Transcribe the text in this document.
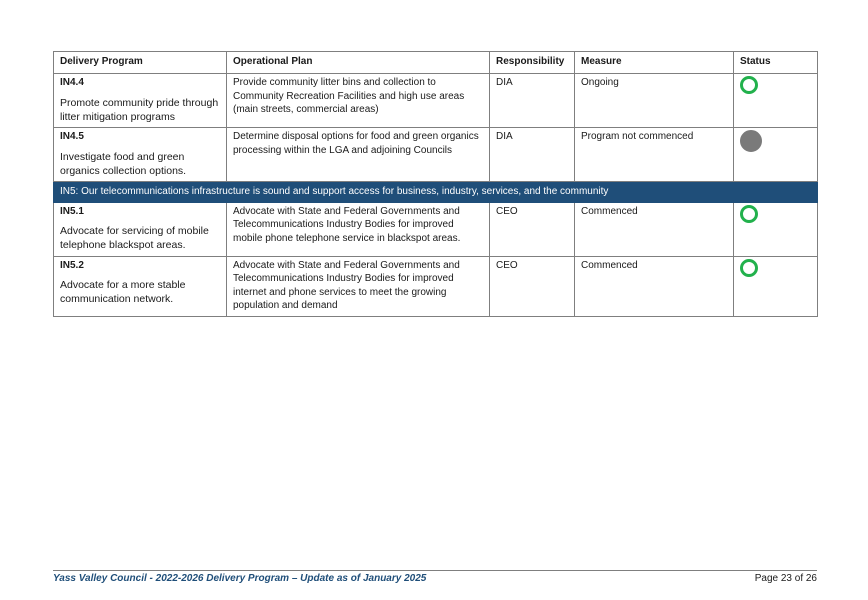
Delivery Program	Operational Plan	Responsibility	Measure	Status

IN4.4
Promote community pride through litter mitigation programs	Provide community litter bins and collection to Community Recreation Facilities and high use areas (main streets, commercial areas)	DIA	Ongoing	

IN4.5
Investigate food and green organics collection options.	Determine disposal options for food and green organics processing within the LGA and adjoining Councils	DIA	Program not commenced	
IN5: Our telecommunications infrastructure is sound and support access for business, industry, services, and the community				

IN5.1
Advocate for servicing of mobile telephone blackspot areas.	Advocate with State and Federal Governments and Telecommunications Industry Bodies for improved mobile phone telephone service in blackspot areas.	CEO	Commenced	

IN5.2
Advocate for a more stable communication network.	Advocate with State and Federal Governments and Telecommunications Industry Bodies for improved internet and phone services to meet the growing population and demand	CEO	Commenced	
Yass Valley Council - 2022-2026 Delivery Program – Update as of January 2025	Page 23 of 26
